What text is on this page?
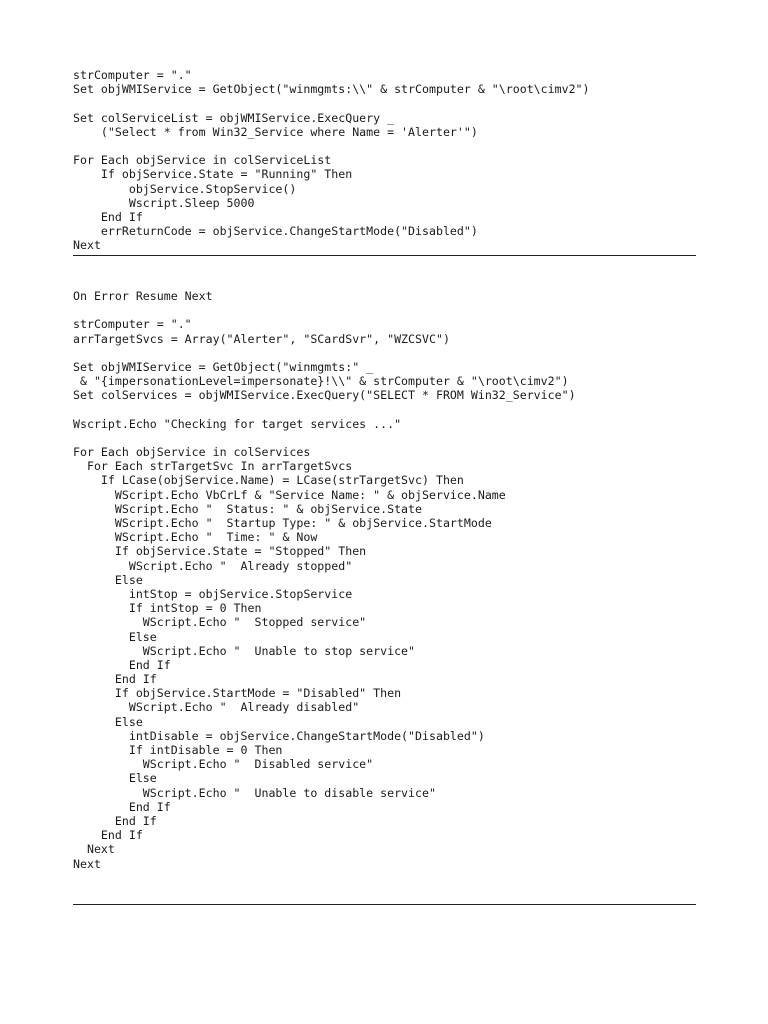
strComputer = "."
Set objWMIService = GetObject("winmgmts:\\" & strComputer & "\root\cimv2")
Set colServiceList = objWMIService.ExecQuery _
("Select * from Win32_Service where Name = 'Alerter'")
For Each objService in colServiceList
If objService.State = "Running" Then
objService.StopService()
Wscript.Sleep 5000
End If
errReturnCode = objService.ChangeStartMode("Disabled")
Next
On Error Resume Next
strComputer = "."
arrTargetSvcs = Array("Alerter", "SCardSvr", "WZCSVC")
Set objWMIService = GetObject("winmgmts:" _
& "{impersonationLevel=impersonate}!\\" & strComputer & "\root\cimv2")
Set colServices = objWMIService.ExecQuery("SELECT * FROM Win32_Service")
Wscript.Echo "Checking for target services ..."
For Each objService in colServices
For Each strTargetSvc In arrTargetSvcs
If LCase(objService.Name) = LCase(strTargetSvc) Then
WScript.Echo VbCrLf & "Service Name: " & objService.Name
WScript.Echo "  Status: " & objService.State
WScript.Echo "  Startup Type: " & objService.StartMode
WScript.Echo "  Time: " & Now
If objService.State = "Stopped" Then
WScript.Echo "  Already stopped"
Else
intStop = objService.StopService
If intStop = 0 Then
WScript.Echo "  Stopped service"
Else
WScript.Echo "  Unable to stop service"
End If
End If
If objService.StartMode = "Disabled" Then
WScript.Echo "  Already disabled"
Else
intDisable = objService.ChangeStartMode("Disabled")
If intDisable = 0 Then
WScript.Echo "  Disabled service"
Else
WScript.Echo "  Unable to disable service"
End If
End If
End If
Next
Next
